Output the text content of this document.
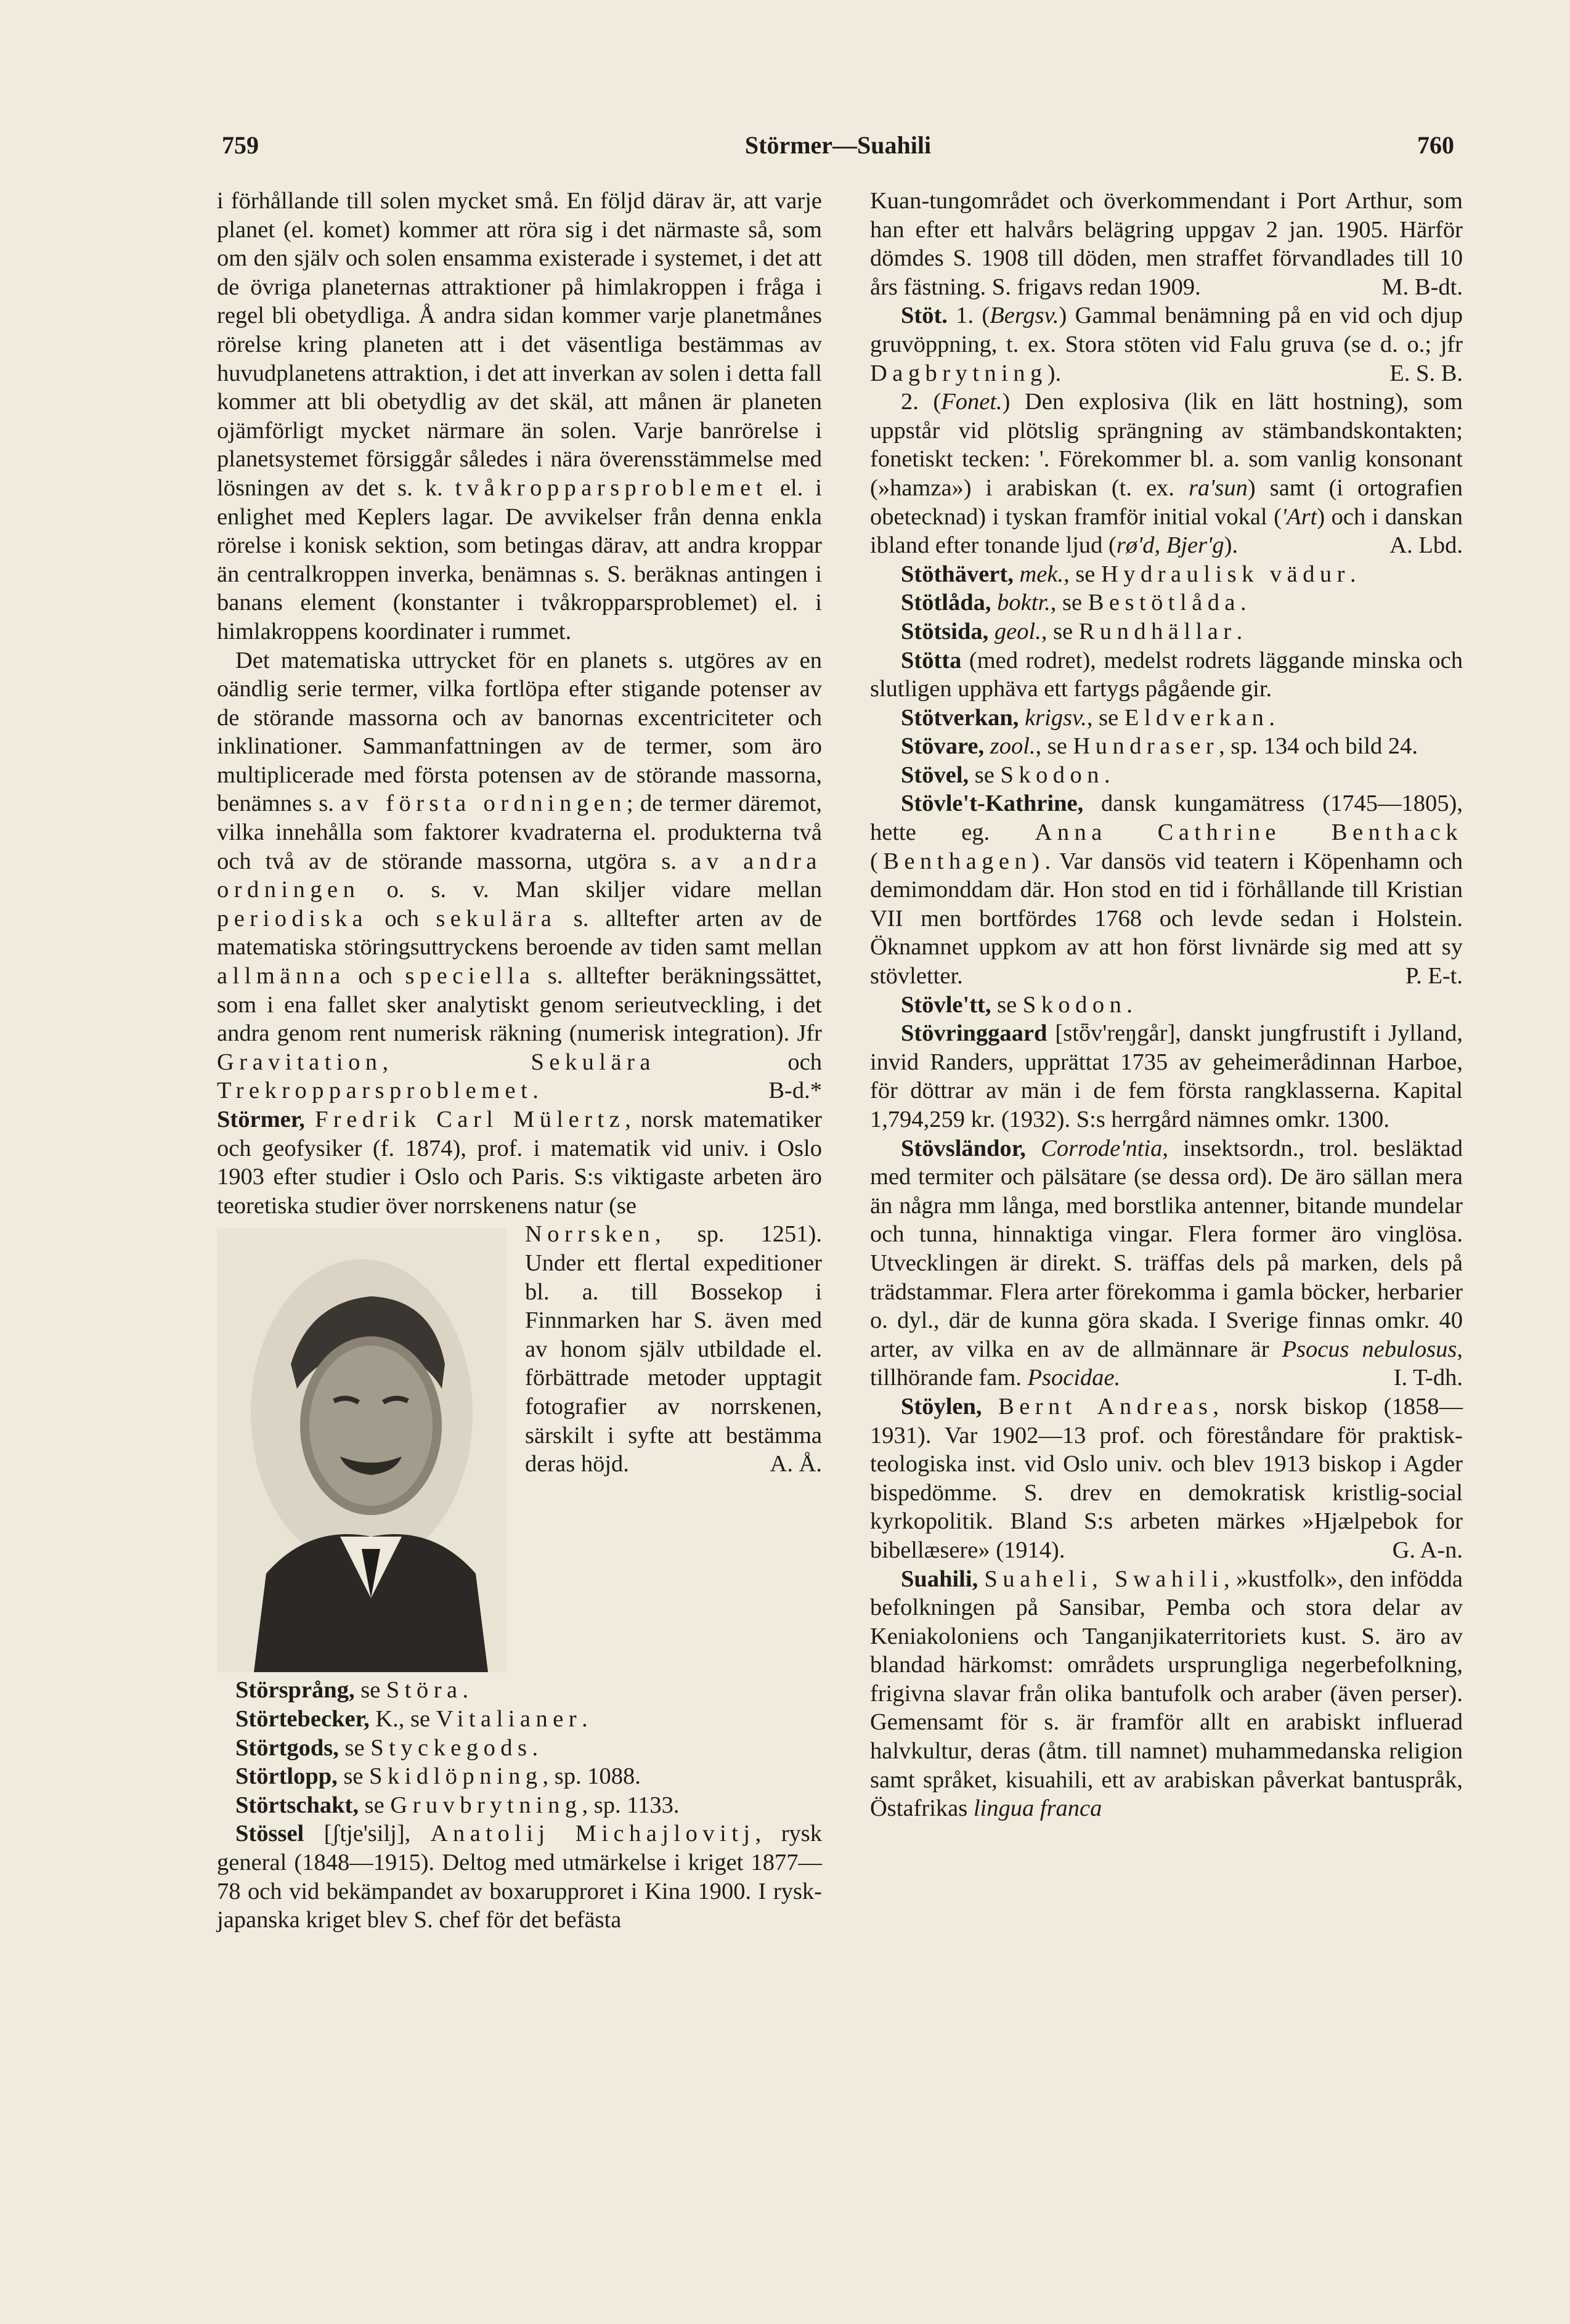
759	Störmer—Suahili	760

i förhållande till solen mycket små. En följd därav är, att varje planet (el. komet) kommer att röra sig i det närmaste så, som om den själv och solen ensamma existerade i systemet, i det att de övriga planeternas attraktioner på himlakroppen i fråga i regel bli obetydliga. Å andra sidan kommer varje planetmånes rörelse kring planeten att i det väsentliga bestämmas av huvudplanetens attraktion, i det att inverkan av solen i detta fall kommer att bli obetydlig av det skäl, att månen är planeten ojämförligt mycket närmare än solen. Varje banrörelse i planetsystemet försiggår således i nära överensstämmelse med lösningen av det s. k. tvåkropparsproblemet el. i enlighet med Keplers lagar. De avvikelser från denna enkla rörelse i konisk sektion, som betingas därav, att andra kroppar än centralkroppen inverka, benämnas s. S. beräknas antingen i banans element (konstanter i tvåkropparsproblemet) el. i himlakroppens koordinater i rummet.

Det matematiska uttrycket för en planets s. utgöres av en oändlig serie termer, vilka fortlöpa efter stigande potenser av de störande massorna och av banornas excentriciteter och inklinationer. Sammanfattningen av de termer, som äro multiplicerade med första potensen av de störande massorna, benämnes s. av första ordningen; de termer däremot, vilka innehålla som faktorer kvadraterna el. produkterna två och två av de störande massorna, utgöra s. av andra ordningen o. s. v. Man skiljer vidare mellan periodiska och sekulära s. alltefter arten av de matematiska störingsuttryckens beroende av tiden samt mellan allmänna och speciella s. alltefter beräkningssättet, som i ena fallet sker analytiskt genom serieutveckling, i det andra genom rent numerisk räkning (numerisk integration). Jfr Gravitation, Sekulära	och Trekropparsproblemet.	B-d.*

Störmer, Fredrik Carl Mülertz, norsk matematiker och geofysiker (f. 1874), prof. i matematik vid univ. i Oslo 1903 efter studier i Oslo och Paris. S:s viktigaste arbeten äro teoretiska studier över norrskenens natur (se

Norrsken, sp. 1251). Under ett flertal expeditioner bl. a. till Bossekop i Finnmarken har S. även med av honom själv utbildade el. förbättrade metoder upptagit fotografier av norrskenen, särskilt i syfte att bestämma deras höjd.	A. Å.

Störsprång, se Störa.

Störtebecker, K., se Vitalianer.

Störtgods, se Styckegods.

Störtlopp, se Skidlöpning, sp. 1088.

Störtschakt, se Gruvbrytning, sp. 1133.

Stössel [ʃtje'silj], Anatolij Michajlovitj, rysk general (1848—1915). Deltog med utmärkelse i kriget 1877—78 och vid bekämpandet av boxarupproret i Kina 1900. I rysk-japanska kriget blev S. chef för det befästa

Kuan-tungområdet och överkommendant i Port Arthur, som han efter ett halvårs belägring uppgav 2 jan. 1905. Härför dömdes S. 1908 till döden, men straffet förvandlades till 10 års fästning. S. frigavs redan 1909.	M. B-dt.

Stöt. 1. (Bergsv.) Gammal benämning på en vid och djup gruvöppning, t. ex. Stora stöten vid Falu gruva (se d. o.; jfr Dagbrytning).	E. S. B.

2. (Fonet.) Den explosiva (lik en lätt hostning), som uppstår vid plötslig sprängning av stämbandskontakten; fonetiskt tecken: '. Förekommer bl. a. som vanlig konsonant (»hamza») i arabiskan (t. ex. ra'sun) samt (i ortografien obetecknad) i tyskan framför initial vokal ('Art) och i danskan ibland efter tonande ljud (rø'd, Bjer'g).	A. Lbd.

Stöthävert, mek., se Hydraulisk vädur.

Stötlåda, boktr., se Bestötlåda.

Stötsida, geol., se Rundhällar.

Stötta (med rodret), medelst rodrets läggande minska och slutligen upphäva ett fartygs pågående gir.

Stötverkan, krigsv., se Eldverkan.

Stövare, zool., se Hundraser, sp. 134 och bild 24.

Stövel, se Skodon.

Stövle't-Kathrine, dansk kungamätress (1745—1805), hette eg. Anna Cathrine Benthack (Benthagen). Var dansös vid teatern i Köpenhamn och demimonddam där. Hon stod en tid i förhållande till Kristian VII men bortfördes 1768 och levde sedan i Holstein. Öknamnet uppkom av att hon först livnärde sig med att sy stövletter.	P. E-t.

Stövle'tt, se Skodon.

Stövringgaard [stȫv'reŋgår], danskt jungfrustift i Jylland, invid Randers, upprättat 1735 av geheimerådinnan Harboe, för döttrar av män i de fem första rangklasserna. Kapital 1,794,259 kr. (1932). S:s herrgård nämnes omkr. 1300.

Stövsländor, Corrode'ntia, insektsordn., trol. besläktad med termiter och pälsätare (se dessa ord). De äro sällan mera än några mm långa, med borstlika antenner, bitande mundelar och tunna, hinnaktiga vingar. Flera former äro vinglösa. Utvecklingen är direkt. S. träffas dels på marken, dels på trädstammar. Flera arter förekomma i gamla böcker, herbarier o. dyl., där de kunna göra skada. I Sverige finnas omkr. 40 arter, av vilka en av de allmännare är Psocus nebulosus, tillhörande fam. Psocidae.	I. T-dh.

Stöylen, Bernt Andreas, norsk biskop (1858—1931). Var 1902—13 prof. och föreståndare för praktisk-teologiska inst. vid Oslo univ. och blev 1913 biskop i Agder bispedömme. S. drev en demokratisk kristlig-social kyrkopolitik. Bland S:s arbeten märkes »Hjælpebok for bibellæsere» (1914).	G. A-n.

Suahili, Suaheli, Swahili, »kustfolk», den infödda befolkningen på Sansibar, Pemba och stora delar av Keniakoloniens och Tanganjikaterritoriets kust. S. äro av blandad härkomst: områdets ursprungliga negerbefolkning, frigivna slavar från olika bantufolk och araber (även perser). Gemensamt för s. är framför allt en arabiskt influerad halvkultur, deras (åtm. till namnet) muhammedanska religion samt språket, kisuahili, ett av arabiskan påverkat bantuspråk, Östafrikas lingua franca
